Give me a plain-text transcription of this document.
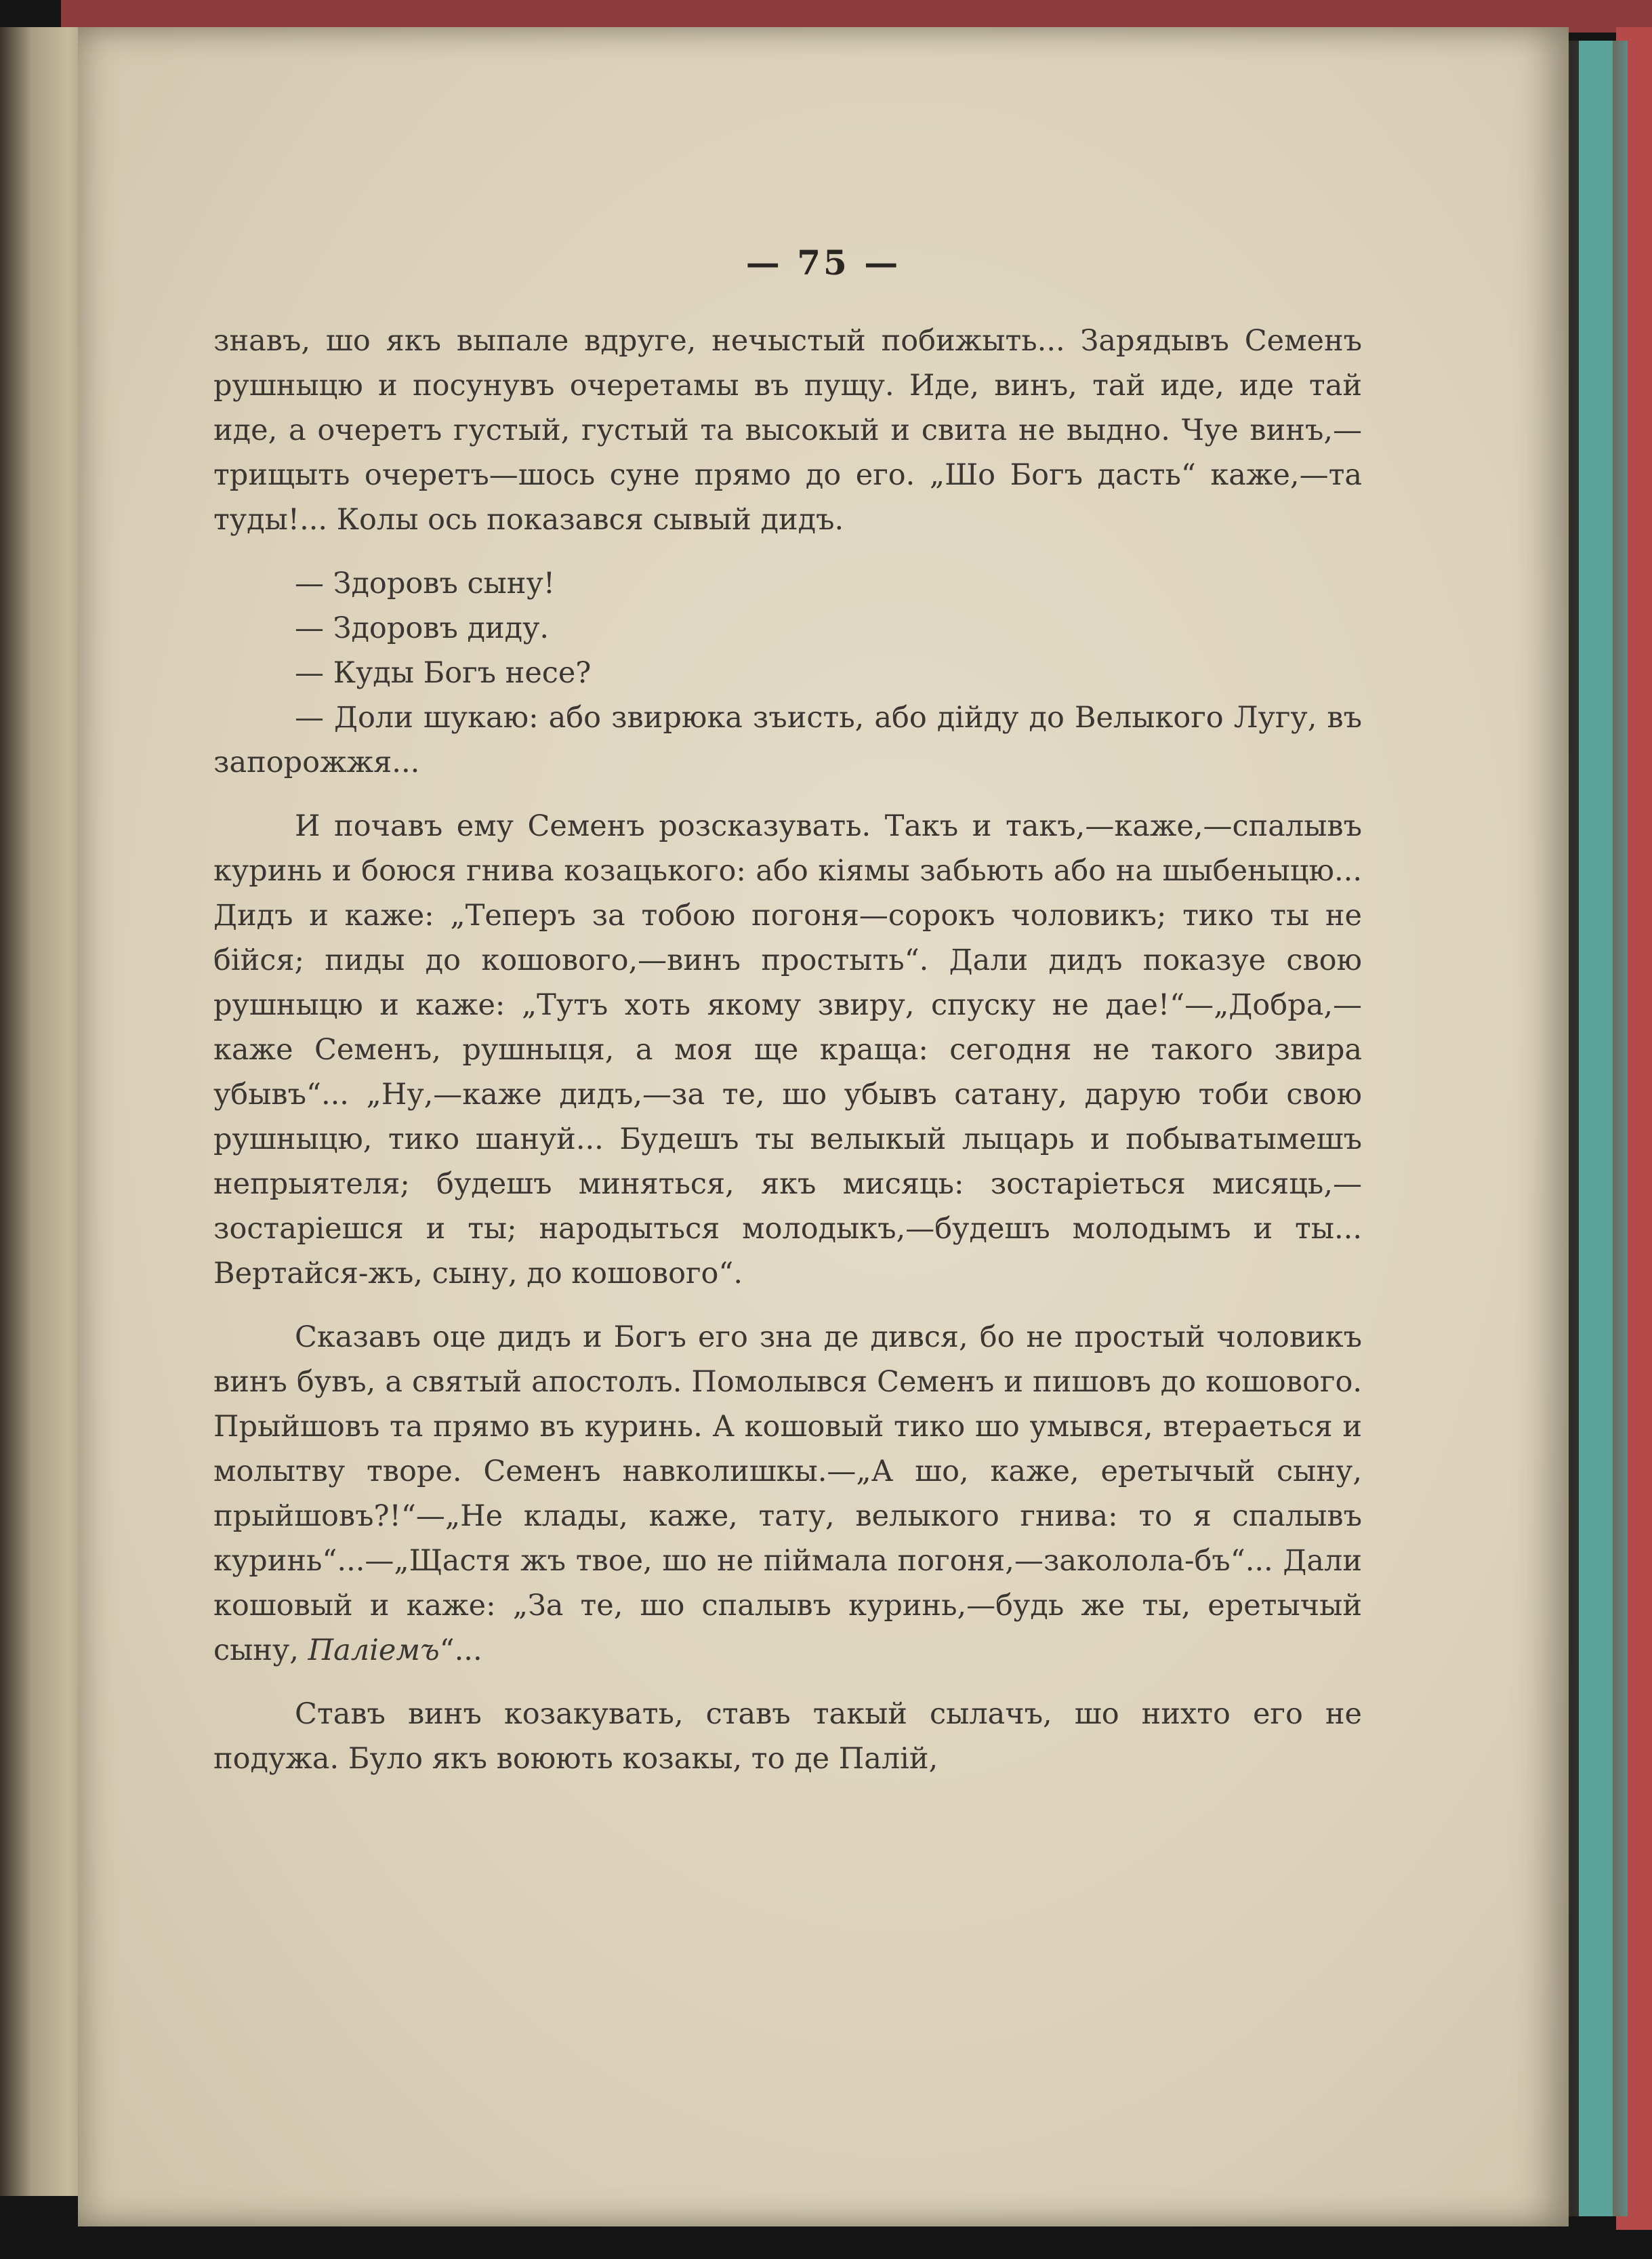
— 75 —

знавъ, шо якъ выпале вдруге, нечыстый побижыть... Зарядывъ Семенъ рушныцю и посунувъ очеретамы въ пущу. Иде, винъ, тай иде, иде тай иде, а очеретъ густый, густый та высокый и свита не выдно. Чуе винъ,—трищыть очеретъ—шось суне прямо до его. „Шо Богъ дасть“ каже,—та туды!... Колы ось показався сывый дидъ.

— Здоровъ сыну!

— Здоровъ диду.

— Куды Богъ несе?

— Доли шукаю: або звирюка зъисть, або дійду до Велыкого Лугу, въ запорожжя...

И почавъ ему Семенъ розсказувать. Такъ и такъ,—каже,—спалывъ куринь и боюся гнива козацького: або кіямы забьють або на шыбеныцю... Дидъ и каже: „Теперъ за тобою погоня—сорокъ чоловикъ; тико ты не бійся; пиды до кошового,—винъ простыть“. Дали дидъ показуе свою рушныцю и каже: „Тутъ хоть якому звиру, спуску не дае!“—„Добра,—каже Семенъ, рушныця, а моя ще краща: сегодня не такого звира убывъ“... „Ну,—каже дидъ,—за те, шо убывъ сатану, дарую тоби свою рушныцю, тико шануй... Будешъ ты велыкый лыцарь и побыватымешъ непрыятеля; будешъ миняться, якъ мисяць: зостаріеться мисяць,—зостаріешся и ты; народыться молодыкъ,—будешъ молодымъ и ты... Вертайся-жъ, сыну, до кошового“.

Сказавъ оце дидъ и Богъ его зна де дився, бо не простый чоловикъ винъ бувъ, а святый апостолъ. Помолывся Семенъ и пишовъ до кошового. Прыйшовъ та прямо въ куринь. А кошовый тико шо умывся, втераеться и молытву творе. Семенъ навколишкы.—„А шо, каже, еретычый сыну, прыйшовъ?!“—„Не клады, каже, тату, велыкого гнива: то я спалывъ куринь“...—„Щастя жъ твое, шо не піймала погоня,—заколола-бъ“... Дали кошовый и каже: „За те, шо спалывъ куринь,—будь же ты, еретычый сыну, Паліемъ“...

Ставъ винъ козакувать, ставъ такый сылачъ, шо нихто его не подужа. Було якъ воюють козакы, то де Палій,
